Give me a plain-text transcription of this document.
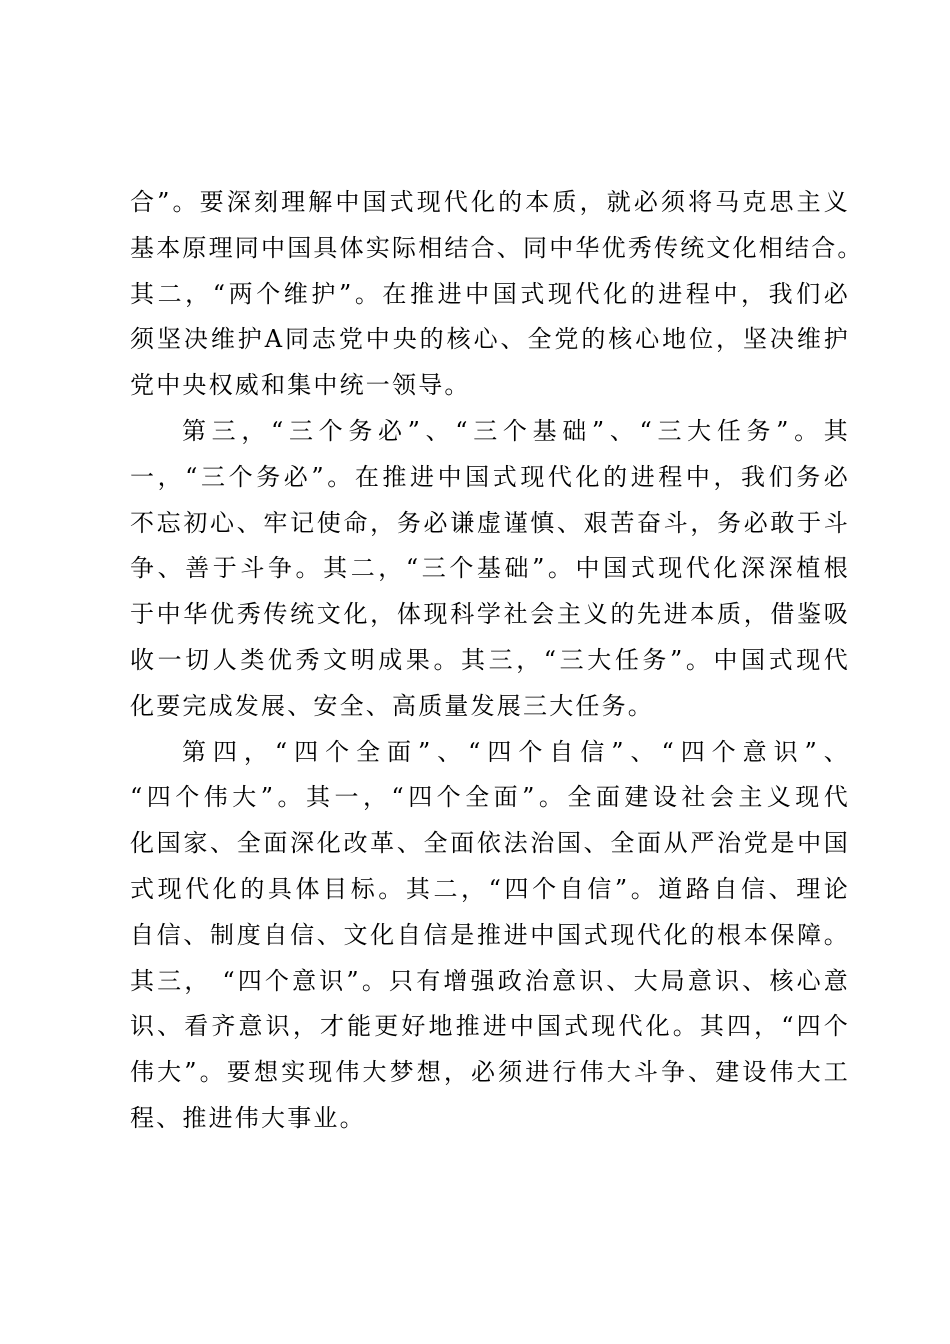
合”。要深刻理解中国式现代化的本质，就必须将马克思主义
基本原理同中国具体实际相结合、同中华优秀传统文化相结合。
其二，“两个维护”。在推进中国式现代化的进程中，我们必
须坚决维护A同志党中央的核心、全党的核心地位，坚决维护
党中央权威和集中统一领导。

第三，“三个务必”、“三个基础”、“三大任务”。其
一，“三个务必”。在推进中国式现代化的进程中，我们务必
不忘初心、牢记使命，务必谦虚谨慎、艰苦奋斗，务必敢于斗
争、善于斗争。其二，“三个基础”。中国式现代化深深植根
于中华优秀传统文化，体现科学社会主义的先进本质，借鉴吸
收一切人类优秀文明成果。其三，“三大任务”。中国式现代
化要完成发展、安全、高质量发展三大任务。

第四，“四个全面”、“四个自信”、“四个意识”、
“四个伟大”。其一，“四个全面”。全面建设社会主义现代
化国家、全面深化改革、全面依法治国、全面从严治党是中国
式现代化的具体目标。其二，“四个自信”。道路自信、理论
自信、制度自信、文化自信是推进中国式现代化的根本保障。
其三， “四个意识”。只有增强政治意识、大局意识、核心意
识、看齐意识，才能更好地推进中国式现代化。其四，“四个
伟大”。要想实现伟大梦想，必须进行伟大斗争、建设伟大工
程、推进伟大事业。
